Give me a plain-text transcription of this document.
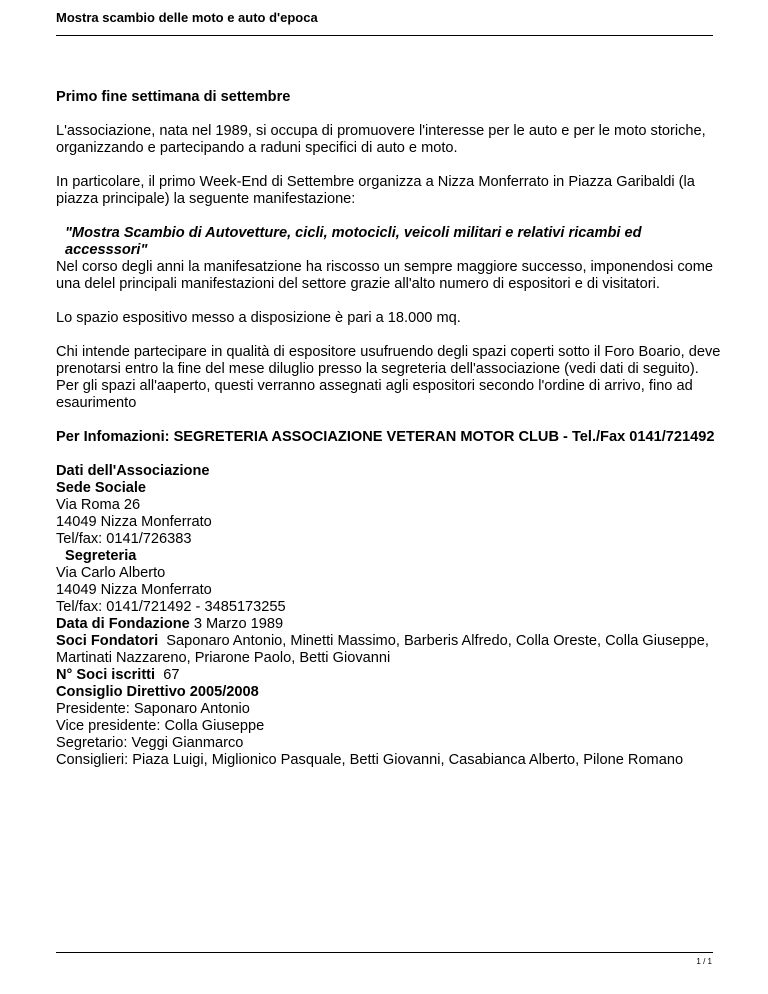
Mostra scambio delle moto e auto d'epoca

Primo fine settimana di settembre

L'associazione, nata nel 1989, si occupa di promuovere l'interesse per le auto e per le moto storiche, organizzando e partecipando a raduni specifici di auto e moto.

In particolare, il primo Week-End di Settembre organizza a Nizza Monferrato in Piazza Garibaldi (la piazza principale) la seguente manifestazione:

"Mostra Scambio di Autovetture, cicli, motocicli, veicoli militari e relativi ricambi ed accesssori"

Nel corso degli anni la manifesatzione ha riscosso un sempre maggiore successo, imponendosi come una delel principali manifestazioni del settore grazie all'alto numero di espositori e di visitatori.

Lo spazio espositivo messo a disposizione è pari a 18.000 mq.

Chi intende partecipare in qualità di espositore usufruendo degli spazi coperti sotto il Foro Boario, deve prenotarsi entro la fine del mese diluglio presso la segreteria dell'associazione (vedi dati di seguito). Per gli spazi all'aaperto, questi verranno assegnati agli espositori secondo l'ordine di arrivo, fino ad esaurimento

Per Infomazioni: SEGRETERIA ASSOCIAZIONE VETERAN MOTOR CLUB - Tel./Fax 0141/721492

Dati dell'Associazione
Sede Sociale
Via Roma 26
14049 Nizza Monferrato
Tel/fax: 0141/726383
Segreteria
Via Carlo Alberto
14049 Nizza Monferrato
Tel/fax: 0141/721492 - 3485173255
Data di Fondazione 3 Marzo 1989
Soci Fondatori Saponaro Antonio, Minetti Massimo, Barberis Alfredo, Colla Oreste, Colla Giuseppe, Martinati Nazzareno, Priarone Paolo, Betti Giovanni
N° Soci iscritti 67
Consiglio Direttivo 2005/2008
Presidente: Saponaro Antonio
Vice presidente: Colla Giuseppe
Segretario: Veggi Gianmarco
Consiglieri: Piaza Luigi, Miglionico Pasquale, Betti Giovanni, Casabianca Alberto, Pilone Romano
1 / 1
